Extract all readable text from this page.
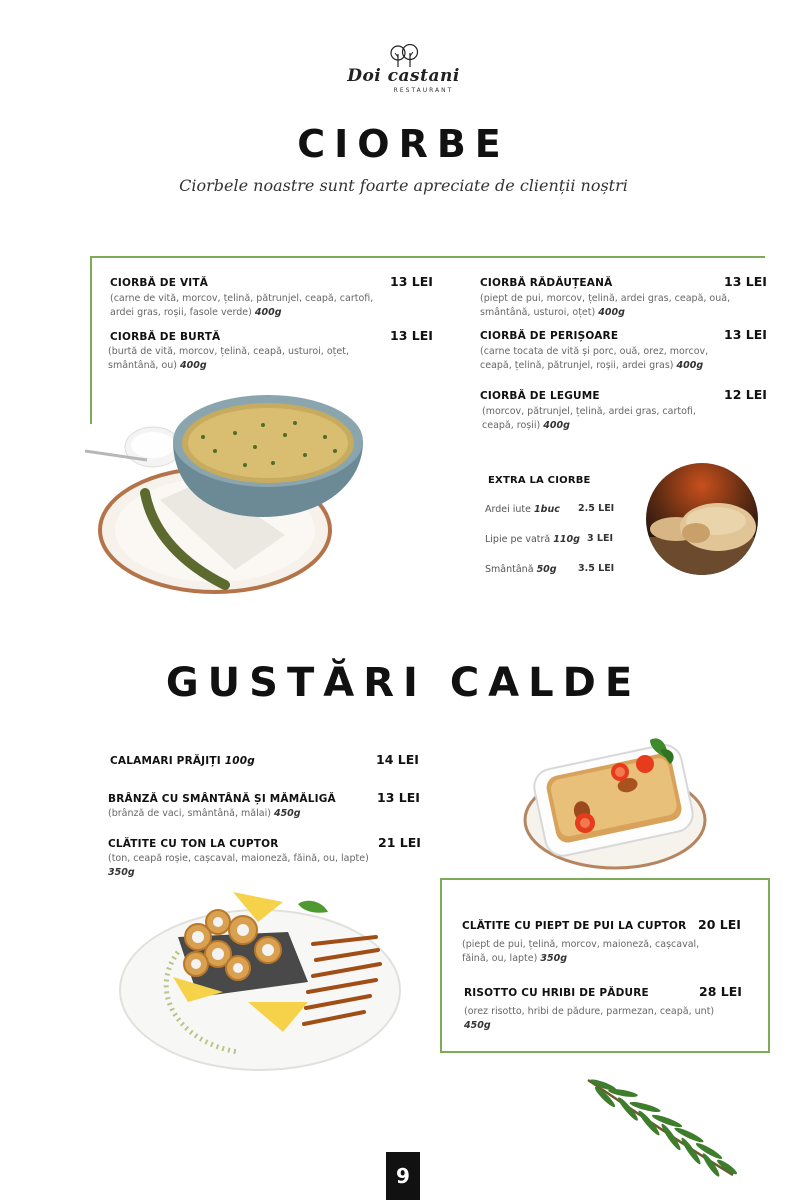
Doi castani
RESTAURANT
CIORBE
Ciorbele noastre sunt foarte apreciate de clienții noștri
CIORBĂ DE VITĂ	13 LEI
(carne de vită, morcov, țelină, pătrunjel, ceapă, cartofi, ardei gras, roșii, fasole verde) 400g
CIORBĂ DE BURTĂ	13 LEI
(burtă de vită, morcov, țelină, ceapă, usturoi, oțet, smântână, ou) 400g
CIORBĂ RĂDĂUȚEANĂ	13 LEI
(piept de pui, morcov, țelină, ardei gras, ceapă, ouă, smântână, usturoi, oțet) 400g
CIORBĂ DE PERIȘOARE	13 LEI
(carne tocata de vită și porc, ouă, orez, morcov, ceapă, țelină, pătrunjel, roșii, ardei gras) 400g
CIORBĂ DE LEGUME	12 LEI
(morcov, pătrunjel, țelină, ardei gras, cartofi, ceapă, roșii) 400g
EXTRA LA CIORBE
Ardei iute 1buc 2.5 LEI
Lipie pe vatră 110g 3 LEI
Smântână 50g 3.5 LEI
GUSTĂRI CALDE
CALAMARI PRĂJIȚI 100g	14 LEI
BRÂNZĂ CU SMÂNTÂNĂ ȘI MĂMĂLIGĂ	13 LEI
(brânză de vaci, smântână, mălai) 450g
CLĂTITE CU TON LA CUPTOR	21 LEI
(ton, ceapă roșie, cașcaval, maioneză, făină, ou, lapte) 350g
CLĂTITE CU PIEPT DE PUI LA CUPTOR 20 LEI
(piept de pui, țelină, morcov, maioneză, cașcaval, făină, ou, lapte) 350g
RISOTTO CU HRIBI DE PĂDURE	28 LEI
(orez risotto, hribi de pădure, parmezan, ceapă, unt)
450g
9
